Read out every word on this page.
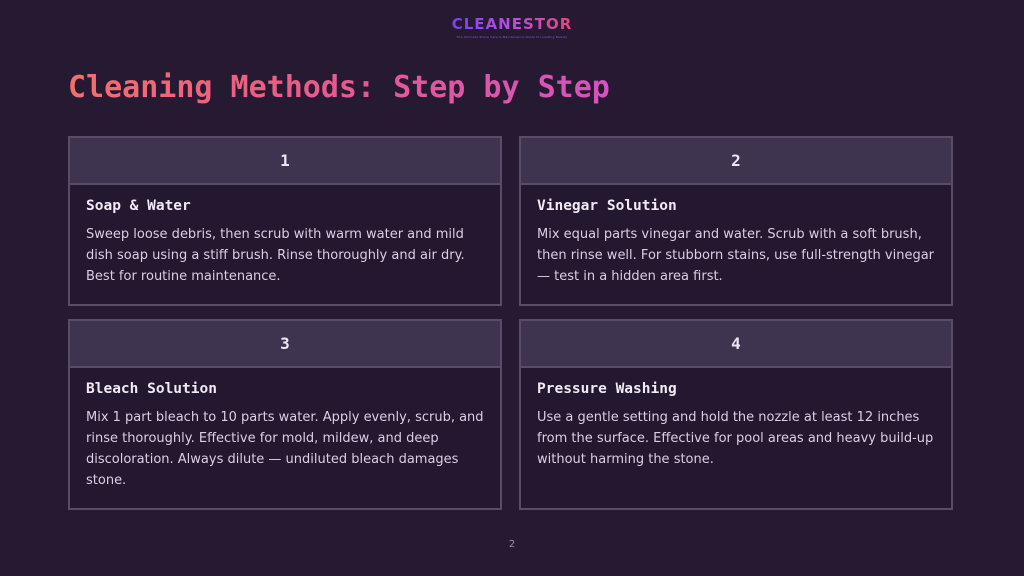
CLEANESTOR
The Ultimate Stone Care & Maintenance Guide for Lasting Beauty
Cleaning Methods: Step by Step
1

Soap & Water

Sweep loose debris, then scrub with warm water and mild dish soap using a stiff brush. Rinse thoroughly and air dry. Best for routine maintenance.

2

Vinegar Solution

Mix equal parts vinegar and water. Scrub with a soft brush, then rinse well. For stubborn stains, use full-strength vinegar — test in a hidden area first.

3

Bleach Solution

Mix 1 part bleach to 10 parts water. Apply evenly, scrub, and rinse thoroughly. Effective for mold, mildew, and deep discoloration. Always dilute — undiluted bleach damages stone.

4

Pressure Washing

Use a gentle setting and hold the nozzle at least 12 inches from the surface. Effective for pool areas and heavy build-up without harming the stone.

2
